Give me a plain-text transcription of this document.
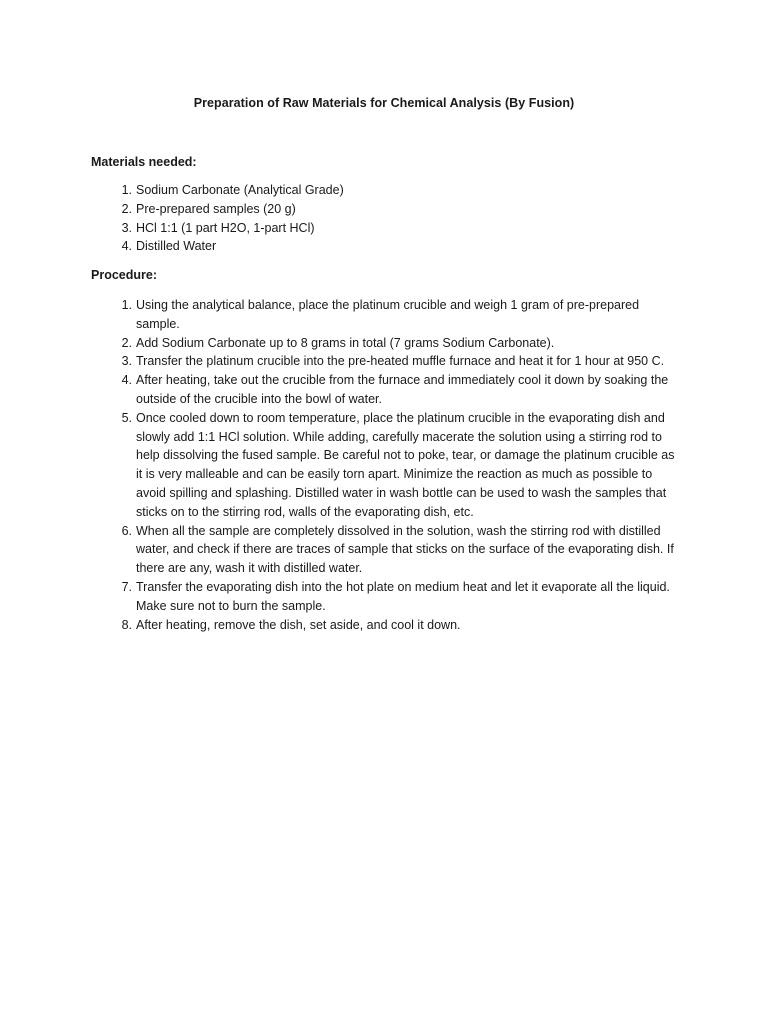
Preparation of Raw Materials for Chemical Analysis (By Fusion)
Materials needed:
1. Sodium Carbonate (Analytical Grade)
2. Pre-prepared samples (20 g)
3. HCl 1:1 (1 part H2O, 1-part HCl)
4. Distilled Water
Procedure:
1. Using the analytical balance, place the platinum crucible and weigh 1 gram of pre-prepared sample.
2. Add Sodium Carbonate up to 8 grams in total (7 grams Sodium Carbonate).
3. Transfer the platinum crucible into the pre-heated muffle furnace and heat it for 1 hour at 950 C.
4. After heating, take out the crucible from the furnace and immediately cool it down by soaking the outside of the crucible into the bowl of water.
5. Once cooled down to room temperature, place the platinum crucible in the evaporating dish and slowly add 1:1 HCl solution. While adding, carefully macerate the solution using a stirring rod to help dissolving the fused sample. Be careful not to poke, tear, or damage the platinum crucible as it is very malleable and can be easily torn apart. Minimize the reaction as much as possible to avoid spilling and splashing. Distilled water in wash bottle can be used to wash the samples that sticks on to the stirring rod, walls of the evaporating dish, etc.
6. When all the sample are completely dissolved in the solution, wash the stirring rod with distilled water, and check if there are traces of sample that sticks on the surface of the evaporating dish. If there are any, wash it with distilled water.
7. Transfer the evaporating dish into the hot plate on medium heat and let it evaporate all the liquid. Make sure not to burn the sample.
8. After heating, remove the dish, set aside, and cool it down.
